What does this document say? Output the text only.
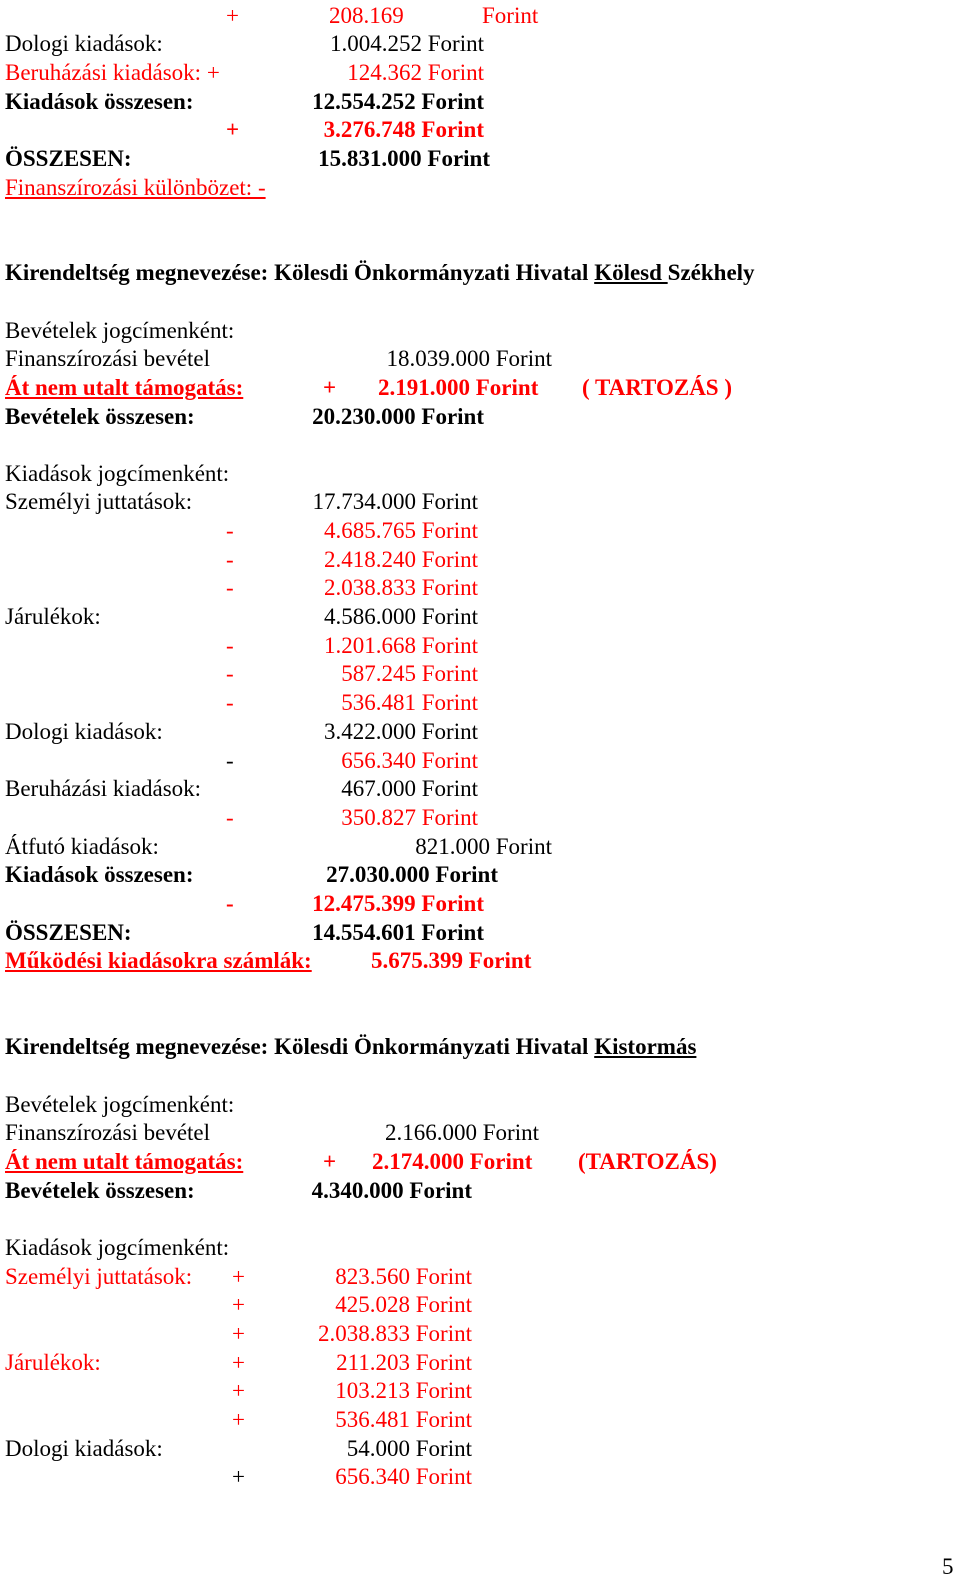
+	208.169	Forint
Dologi kiadások:	1.004.252 Forint
Beruházási kiadások: +	124.362 Forint
Kiadások összesen:	12.554.252 Forint
+	3.276.748 Forint
ÖSSZESEN:	15.831.000 Forint
Finanszírozási különbözet: -
Kirendeltség megnevezése: Kölesdi Önkormányzati Hivatal Kölesd Székhely
Bevételek jogcímenként:
Finanszírozási bevétel	18.039.000 Forint
Át nem utalt támogatás:	+ 2.191.000 Forint ( TARTOZÁS )
Bevételek összesen:	20.230.000 Forint
Kiadások jogcímenként:
Személyi juttatások:	17.734.000 Forint
-	4.685.765 Forint
-	2.418.240 Forint
-	2.038.833 Forint
Járulékok:	4.586.000 Forint
-	1.201.668 Forint
-	587.245 Forint
-	536.481 Forint
Dologi kiadások:	3.422.000 Forint
-	656.340 Forint
Beruházási kiadások:	467.000 Forint
-	350.827 Forint
Átfutó kiadások:	821.000 Forint
Kiadások összesen:	27.030.000 Forint
-	12.475.399 Forint
ÖSSZESEN:	14.554.601 Forint
Működési kiadásokra számlák:	5.675.399 Forint
Kirendeltség megnevezése: Kölesdi Önkormányzati Hivatal Kistormás
Bevételek jogcímenként:
Finanszírozási bevétel	2.166.000 Forint
Át nem utalt támogatás:	+ 2.174.000 Forint (TARTOZÁS)
Bevételek összesen:	4.340.000 Forint
Kiadások jogcímenként:
Személyi juttatások: +	823.560 Forint
+	425.028 Forint
+	2.038.833 Forint
Járulékok:	+	211.203 Forint
+	103.213 Forint
+	536.481 Forint
Dologi kiadások:	54.000 Forint
+	656.340 Forint
5
